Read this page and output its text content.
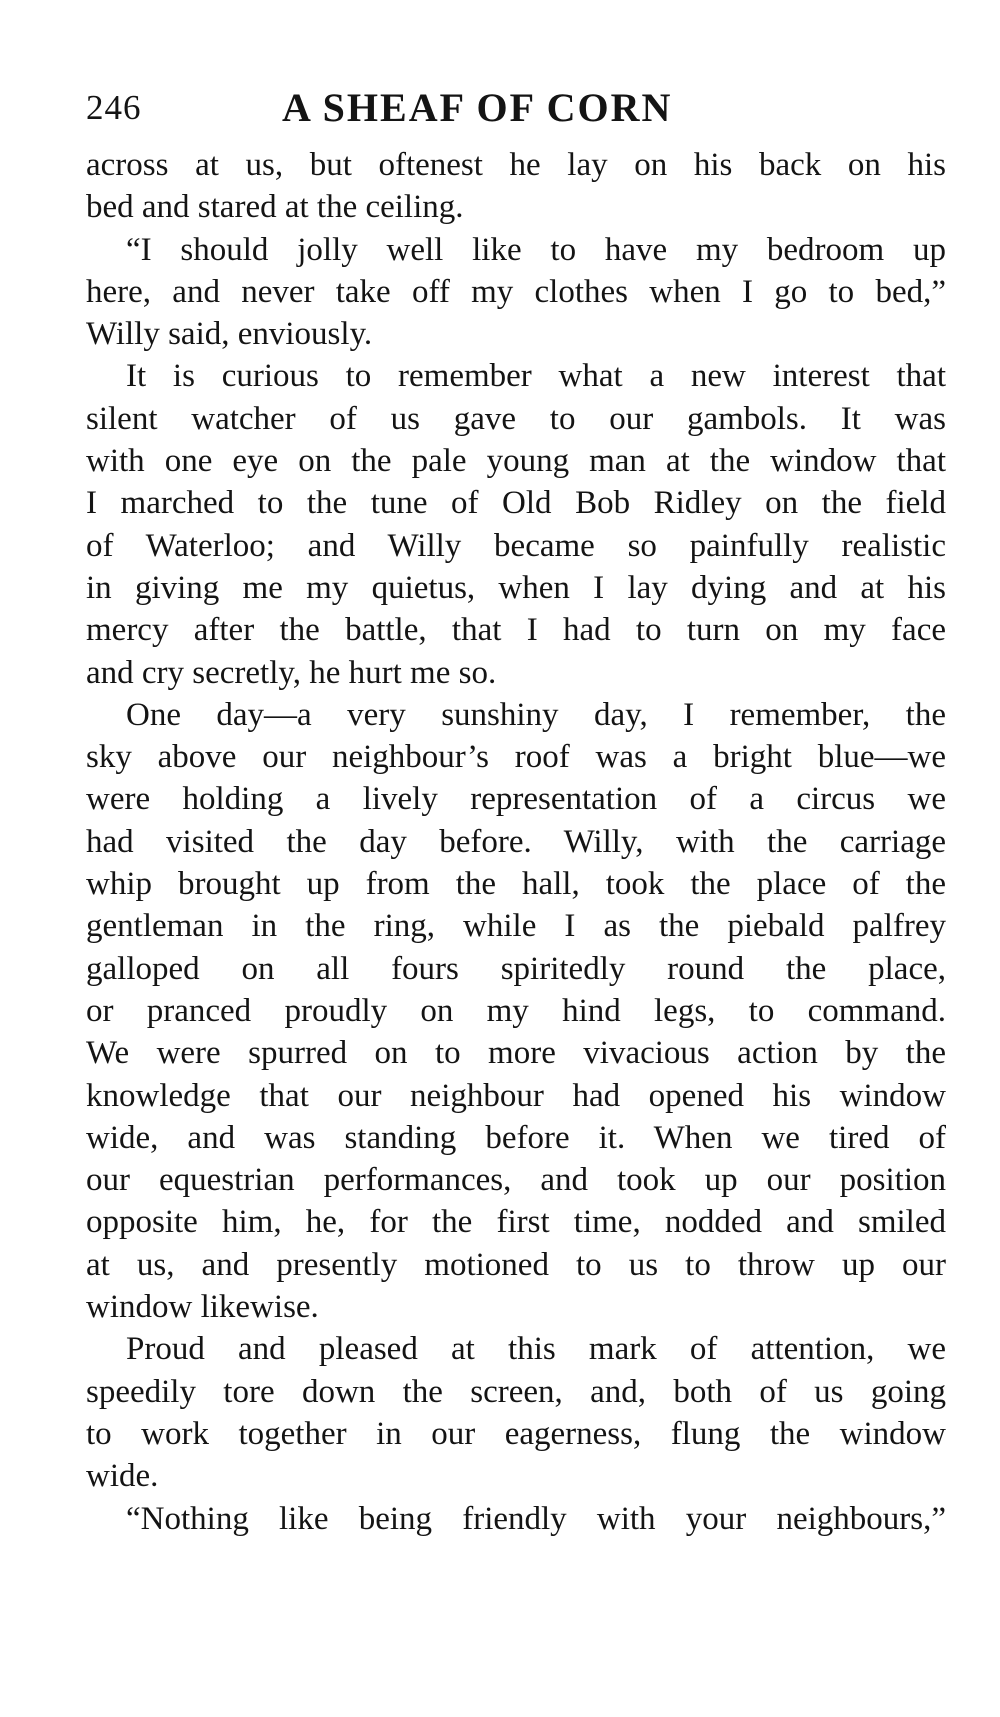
246	A SHEAF OF CORN

across at us, but oftenest he lay on his back on his
bed and stared at the ceiling.

“I should jolly well like to have my bedroom up
here, and never take off my clothes when I go to bed,”
Willy said, enviously.

It is curious to remember what a new interest that
silent watcher of us gave to our gambols. It was
with one eye on the pale young man at the window that
I marched to the tune of Old Bob Ridley on the field
of Waterloo; and Willy became so painfully realistic
in giving me my quietus, when I lay dying and at his
mercy after the battle, that I had to turn on my face
and cry secretly, he hurt me so.

One day—a very sunshiny day, I remember, the
sky above our neighbour’s roof was a bright blue—we
were holding a lively representation of a circus we
had visited the day before. Willy, with the carriage
whip brought up from the hall, took the place of the
gentleman in the ring, while I as the piebald palfrey
galloped on all fours spiritedly round the place,
or pranced proudly on my hind legs, to command.
We were spurred on to more vivacious action by the
knowledge that our neighbour had opened his window
wide, and was standing before it. When we tired of
our equestrian performances, and took up our position
opposite him, he, for the first time, nodded and smiled
at us, and presently motioned to us to throw up our
window likewise.

Proud and pleased at this mark of attention, we
speedily tore down the screen, and, both of us going
to work together in our eagerness, flung the window
wide.

“Nothing like being friendly with your neighbours,”
